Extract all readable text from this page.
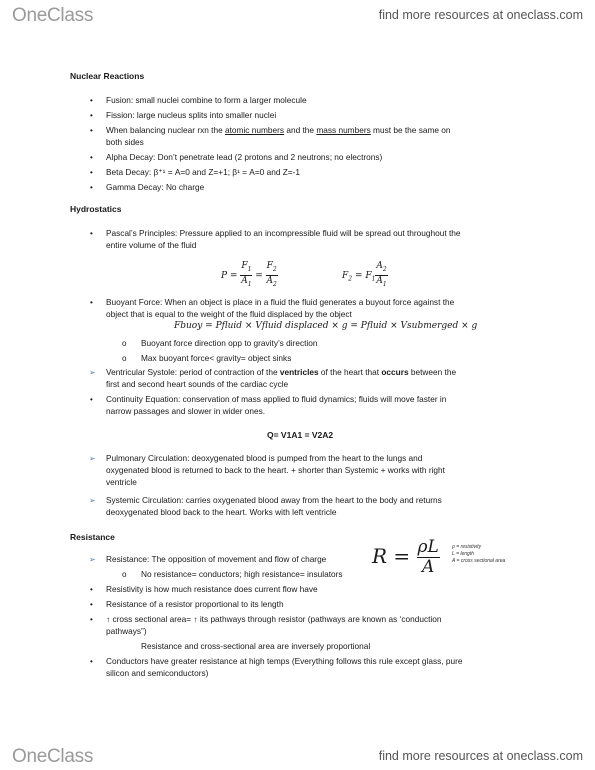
OneClass	find more resources at oneclass.com
Nuclear Reactions
• Fusion: small nuclei combine to form a larger molecule
• Fission: large nucleus splits into smaller nuclei
• When balancing nuclear rxn the atomic numbers and the mass numbers must be the same on
both sides
• Alpha Decay: Don’t penetrate lead (2 protons and 2 neutrons; no electrons)
• Beta Decay: β⁺¹ = A=0 and Z=+1; β¹ = A=0 and Z=-1
• Gamma Decay: No charge
Hydrostatics
• Pascal’s Principles: Pressure applied to an incompressible fluid will be spread out throughout the
entire volume of the fluid
$P = \frac{F_1}{A_1} = \frac{F_2}{A_2}$	$F_2 = F_1 \frac{A_2}{A_1}$
• Buoyant Force: When an object is place in a fluid the fluid generates a buyout force against the
object that is equal to the weight of the fluid displaced by the object
Fbuoy = Pfluid × Vfluid displaced × g = Pfluid × Vsubmerged × g
o Buoyant force direction opp to gravity’s direction
o Max buoyant force< gravity= object sinks
➢ Ventricular Systole: period of contraction of the ventricles of the heart that occurs between the
first and second heart sounds of the cardiac cycle
• Continuity Equation: conservation of mass applied to fluid dynamics; fluids will move faster in
narrow passages and slower in wider ones.
Q= V1A1 = V2A2
➢ Pulmonary Circulation: deoxygenated blood is pumped from the heart to the lungs and
oxygenated blood is returned to back to the heart. + shorter than Systemic + works with right
ventricle
➢ Systemic Circulation: carries oxygenated blood away from the heart to the body and returns
deoxygenated blood back to the heart. Works with left ventricle
Resistance
➢ Resistance: The opposition of movement and flow of charge $R = \frac{\rho L}{A}$ ρ = resistivity
L = length
A = cross sectional area
o No resistance= conductors; high resistance= insulators
• Resistivity is how much resistance does current flow have
• Resistance of a resistor proportional to its length
• ↑ cross sectional area= ↑ its pathways through resistor (pathways are known as ‘conduction
pathways”)
Resistance and cross-sectional area are inversely proportional
• Conductors have greater resistance at high temps (Everything follows this rule except glass, pure
silicon and semiconductors)
OneClass	find more resources at oneclass.com
